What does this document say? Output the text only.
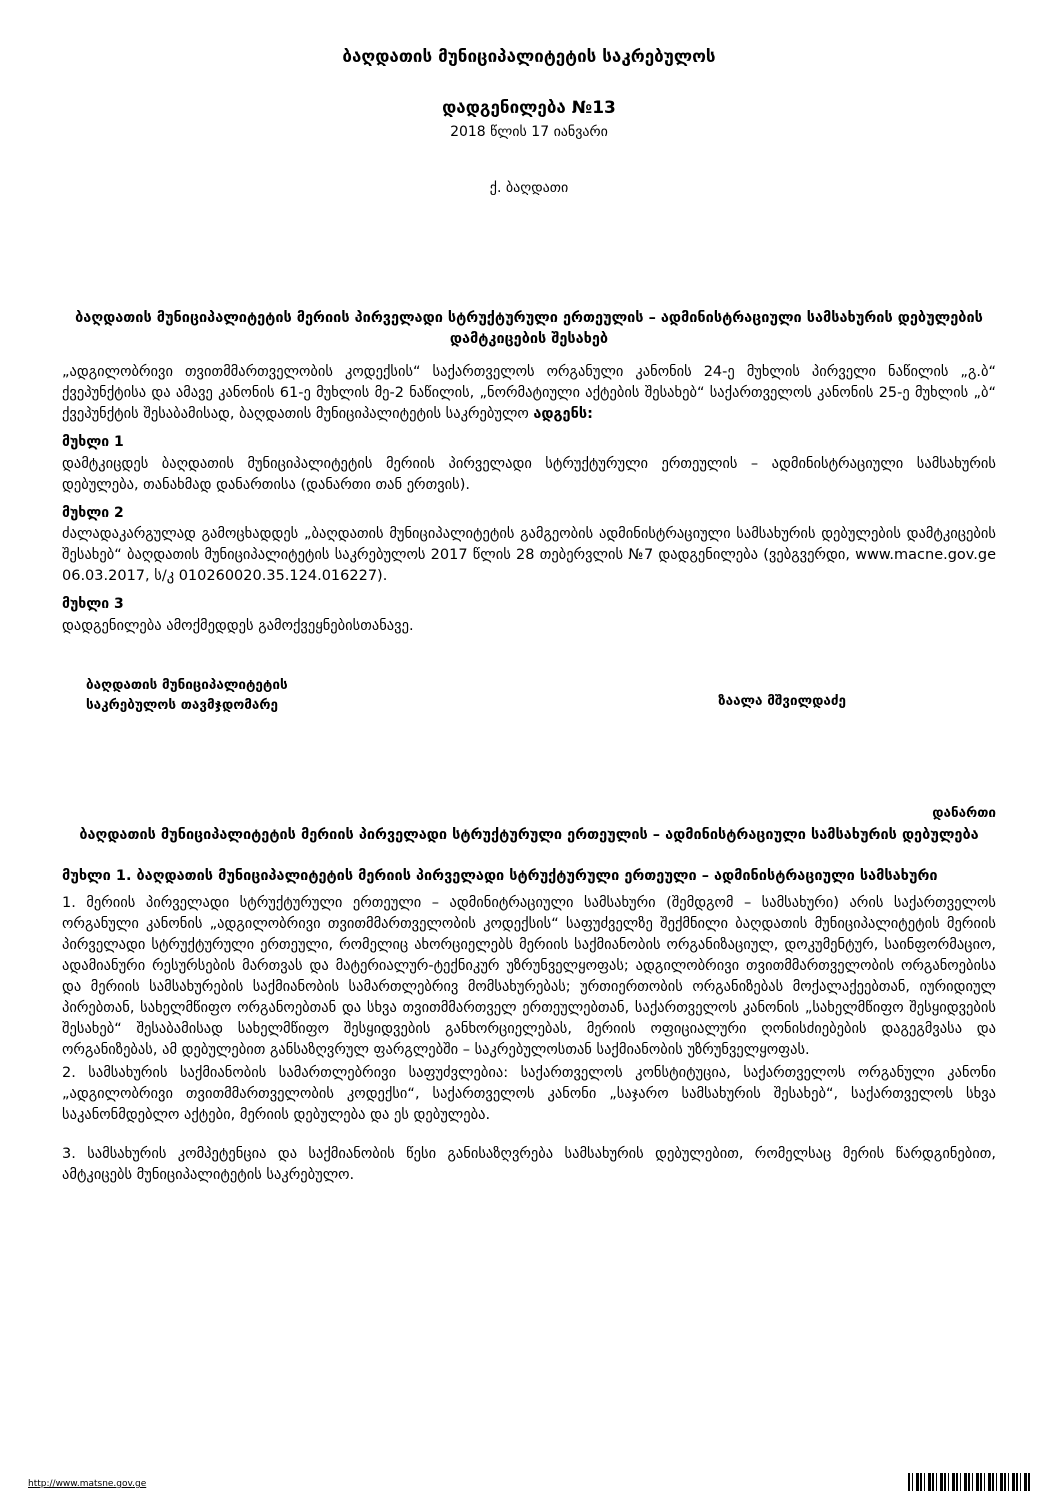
ბაღდათის მუნიციპალიტეტის საკრებულოს
დადგენილება №13
2018 წლის 17 იანვარი
ქ. ბაღდათი
ბაღდათის მუნიციპალიტეტის მერიის პირველადი სტრუქტურული ერთეულის – ადმინისტრაციული სამსახურის დებულების დამტკიცების შესახებ
„ადგილობრივი თვითმმართველობის კოდექსის“ საქართველოს ორგანული კანონის 24-ე მუხლის პირველი ნაწილის „გ.ბ“ ქვეპუნქტისა და ამავე კანონის 61-ე მუხლის მე-2 ნაწილის, „ნორმატიული აქტების შესახებ“ საქართველოს კანონის 25-ე მუხლის „ბ“ ქვეპუნქტის შესაბამისად, ბაღდათის მუნიციპალიტეტის საკრებულო ადგენს:
მუხლი 1
დამტკიცდეს ბაღდათის მუნიციპალიტეტის მერიის პირველადი სტრუქტურული ერთეულის – ადმინისტრაციული სამსახურის დებულება, თანახმად დანართისა (დანართი თან ერთვის).
მუხლი 2
ძალადაკარგულად გამოცხადდეს „ბაღდათის მუნიციპალიტეტის გამგეობის ადმინისტრაციული სამსახურის დებულების დამტკიცების შესახებ“ ბაღდათის მუნიციპალიტეტის საკრებულოს 2017 წლის 28 თებერვლის №7 დადგენილება (ვებგვერდი, www.macne.gov.ge 06.03.2017, ს/კ 010260020.35.124.016227).
მუხლი 3
დადგენილება ამოქმედდეს გამოქვეყნებისთანავე.
ბაღდათის მუნიციპალიტეტის
საკრებულოს თავმჯდომარე	ზაალა მშვილდაძე
დანართი
ბაღდათის მუნიციპალიტეტის მერიის პირველადი სტრუქტურული ერთეულის – ადმინისტრაციული სამსახურის დებულება
მუხლი 1. ბაღდათის მუნიციპალიტეტის მერიის პირველადი სტრუქტურული ერთეული – ადმინისტრაციული სამსახური
1. მერიის პირველადი სტრუქტურული ერთეული – ადმინიტრაციული სამსახური (შემდგომ – სამსახური) არის საქართველოს ორგანული კანონის „ადგილობრივი თვითმმართველობის კოდექსის“ საფუძველზე შექმნილი ბაღდათის მუნიციპალიტეტის მერიის პირველადი სტრუქტურული ერთეული, რომელიც ახორციელებს მერიის საქმიანობის ორგანიზაციულ, დოკუმენტურ, საინფორმაციო, ადამიანური რესურსების მართვას და მატერიალურ-ტექნიკურ უზრუნველყოფას; ადგილობრივი თვითმმართველობის ორგანოებისა და მერიის სამსახურების საქმიანობის სამართლებრივ მომსახურებას; ურთიერთობის ორგანიზებას მოქალაქეებთან, იურიდიულ პირებთან, სახელმწიფო ორგანოებთან და სხვა თვითმმართველ ერთეულებთან, საქართველოს კანონის „სახელმწიფო შესყიდვების შესახებ“ შესაბამისად სახელმწიფო შესყიდვების განხორციელებას, მერიის ოფიციალური ღონისძიებების დაგეგმვასა და ორგანიზებას, ამ დებულებით განსაზღვრულ ფარგლებში – საკრებულოსთან საქმიანობის უზრუნველყოფას.
2. სამსახურის საქმიანობის სამართლებრივი საფუძვლებია: საქართველოს კონსტიტუცია, საქართველოს ორგანული კანონი „ადგილობრივი თვითმმართველობის კოდექსი“, საქართველოს კანონი „საჯარო სამსახურის შესახებ“, საქართველოს სხვა საკანონმდებლო აქტები, მერიის დებულება და ეს დებულება.
3. სამსახურის კომპეტენცია და საქმიანობის წესი განისაზღვრება სამსახურის დებულებით, რომელსაც მერის წარდგინებით, ამტკიცებს მუნიციპალიტეტის საკრებულო.
http://www.matsne.gov.ge
